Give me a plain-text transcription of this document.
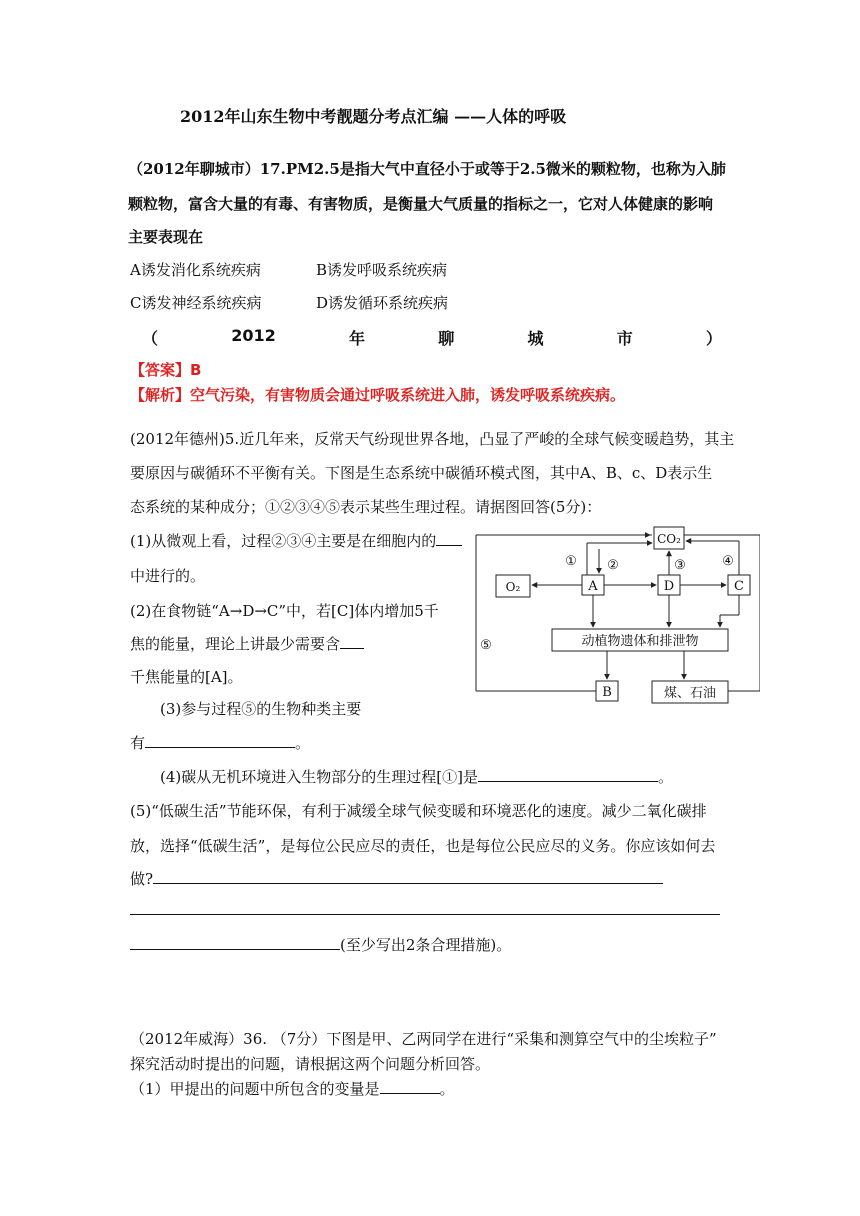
2012年山东生物中考靓题分考点汇编 ——人体的呼吸
（2012年聊城市）17.PM2.5是指大气中直径小于或等于2.5微米的颗粒物，也称为入肺
颗粒物，富含大量的有毒、有害物质，是衡量大气质量的指标之一，它对人体健康的影响
主要表现在
A诱发消化系统疾病	B诱发呼吸系统疾病
C诱发神经系统疾病	D诱发循环系统疾病
（	2012	年	聊	城	市	）
【答案】B
【解析】空气污染，有害物质会通过呼吸系统进入肺，诱发呼吸系统疾病。
(2012年德州)5.近几年来，反常天气纷现世界各地，凸显了严峻的全球气候变暖趋势，其主
要原因与碳循环不平衡有关。下图是生态系统中碳循环模式图，其中A、B、c、D表示生
态系统的某种成分；①②③④⑤表示某些生理过程。请据图回答(5分)：
(1)从微观上看，过程②③④主要是在细胞内的
中进行的。
(2)在食物链“A→D→C”中，若[C]体内增加5千
焦的能量，理论上讲最少需要含
千焦能量的[A]。
(3)参与过程⑤的生物种类主要
有	。
(4)碳从无机环境进入生物部分的生理过程[①]是	。
(5)“低碳生活”节能环保，有利于减缓全球气候变暖和环境恶化的速度。减少二氧化碳排
放，选择“低碳生活”，是每位公民应尽的责任，也是每位公民应尽的义务。你应该如何去
做?
(至少写出2条合理措施)。
CO₂
O₂	A	D	C
动植物遗体和排泄物
B	煤、石油
① ②	③	④
⑤
（2012年威海）36. （7分）下图是甲、乙两同学在进行“采集和测算空气中的尘埃粒子”
探究活动时提出的问题，请根据这两个问题分析回答。
（1）甲提出的问题中所包含的变量是	。
